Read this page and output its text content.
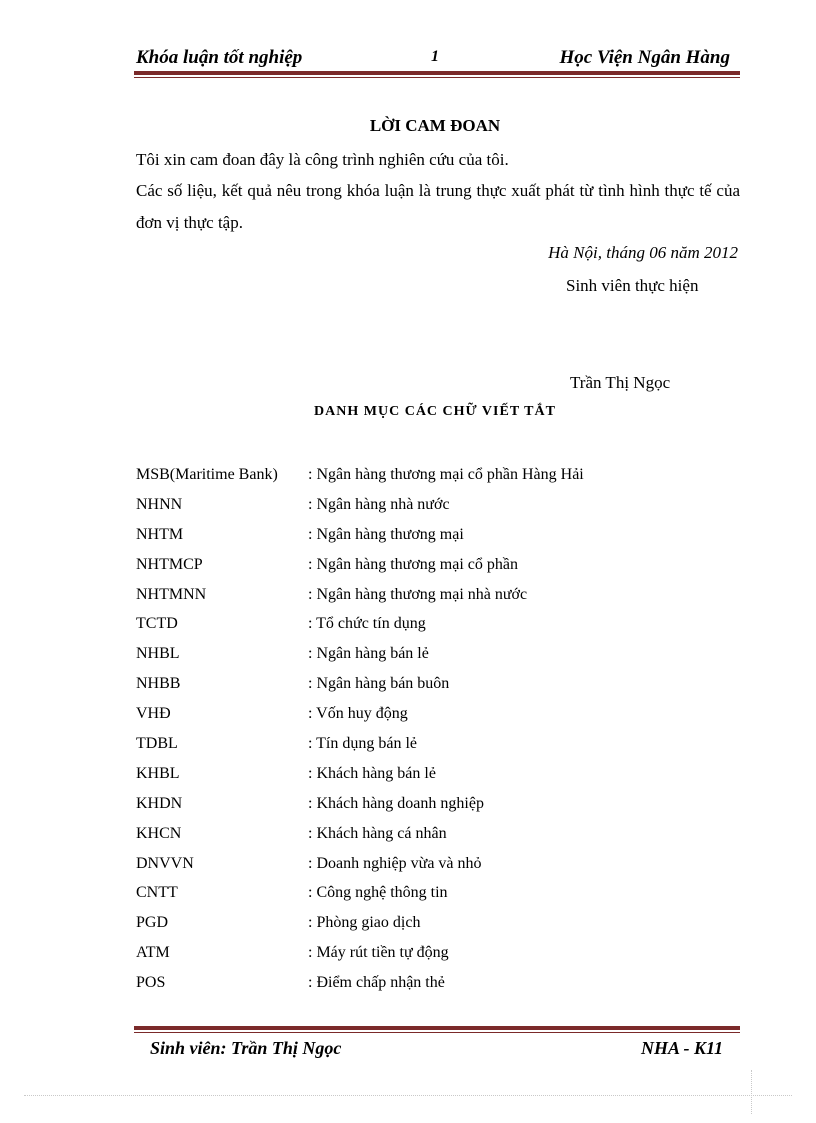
Khóa luận tốt nghiệp	1	Học Viện Ngân Hàng
LỜI CAM ĐOAN
Tôi xin cam đoan đây là công trình nghiên cứu của tôi.
Các số liệu, kết quả nêu trong khóa luận là trung thực xuất phát từ tình hình thực tế của đơn vị thực tập.
Hà Nội, tháng 06 năm 2012
Sinh viên thực hiện
Trần Thị Ngọc
DANH MỤC CÁC CHỮ VIẾT TẮT
MSB(Maritime Bank) : Ngân hàng thương mại cổ phần Hàng Hải
NHNN	: Ngân hàng nhà nước
NHTM	: Ngân hàng thương mại
NHTMCP	: Ngân hàng thương mại cổ phần
NHTMNN	: Ngân hàng thương mại nhà nước
TCTD	: Tổ chức tín dụng
NHBL	: Ngân hàng bán lẻ
NHBB	: Ngân hàng bán buôn
VHĐ	: Vốn huy động
TDBL	: Tín dụng bán lẻ
KHBL	: Khách hàng bán lẻ
KHDN	: Khách hàng doanh nghiệp
KHCN	: Khách hàng cá nhân
DNVVN	: Doanh nghiệp vừa và nhỏ
CNTT	: Công nghệ thông tin
PGD	: Phòng giao dịch
ATM	: Máy rút tiền tự động
POS	: Điểm chấp nhận thẻ
Sinh viên: Trần Thị Ngọc	NHA - K11
